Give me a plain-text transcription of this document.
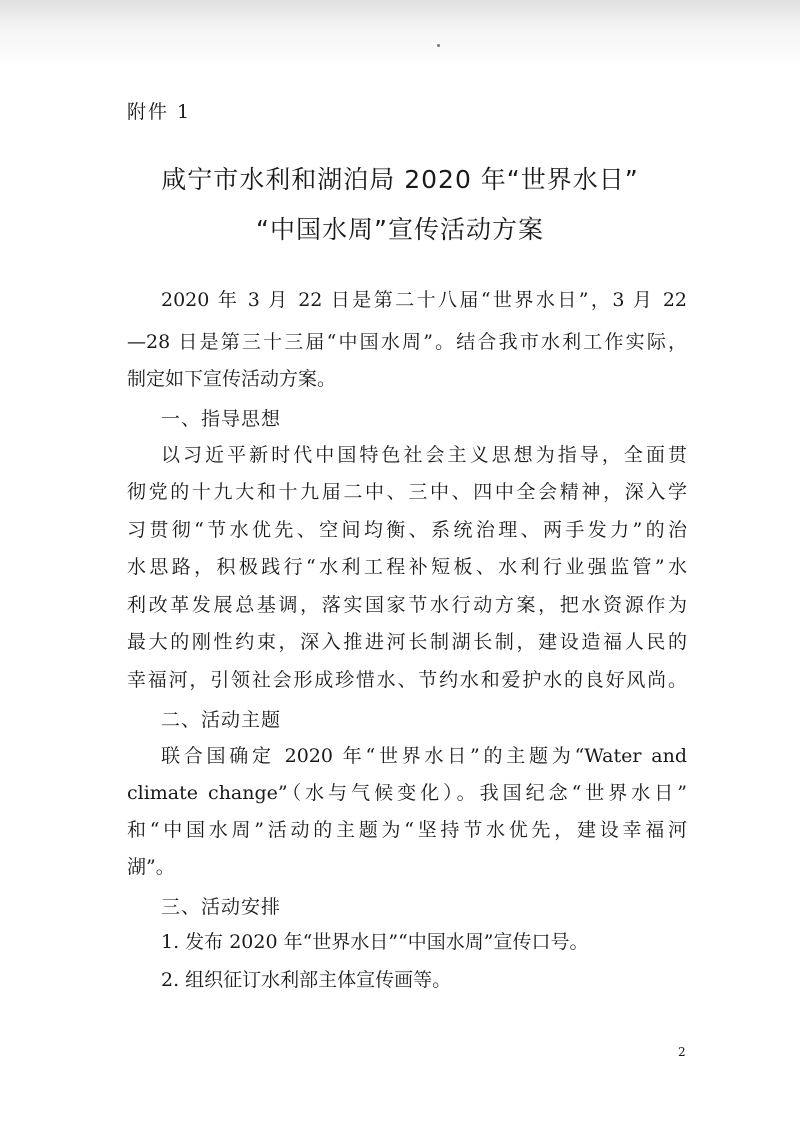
附件 1
咸宁市水利和湖泊局 2020 年“世界水日”
“中国水周”宣传活动方案
2020 年 3 月 22 日是第二十八届“世界水日”，3 月 22
—28 日是第三十三届“中国水周”。结合我市水利工作实际，
制定如下宣传活动方案。
一、指导思想
以习近平新时代中国特色社会主义思想为指导，全面贯
彻党的十九大和十九届二中、三中、四中全会精神，深入学
习贯彻“节水优先、空间均衡、系统治理、两手发力”的治
水思路，积极践行“水利工程补短板、水利行业强监管”水
利改革发展总基调，落实国家节水行动方案，把水资源作为
最大的刚性约束，深入推进河长制湖长制，建设造福人民的
幸福河，引领社会形成珍惜水、节约水和爱护水的良好风尚。
二、活动主题
联合国确定 2020 年“世界水日”的主题为“Water and
climate change”（水与气候变化）。我国纪念“世界水日”
和“中国水周”活动的主题为“坚持节水优先，建设幸福河
湖”。
三、活动安排
1. 发布 2020 年“世界水日”“中国水周”宣传口号。
2. 组织征订水利部主体宣传画等。
2
